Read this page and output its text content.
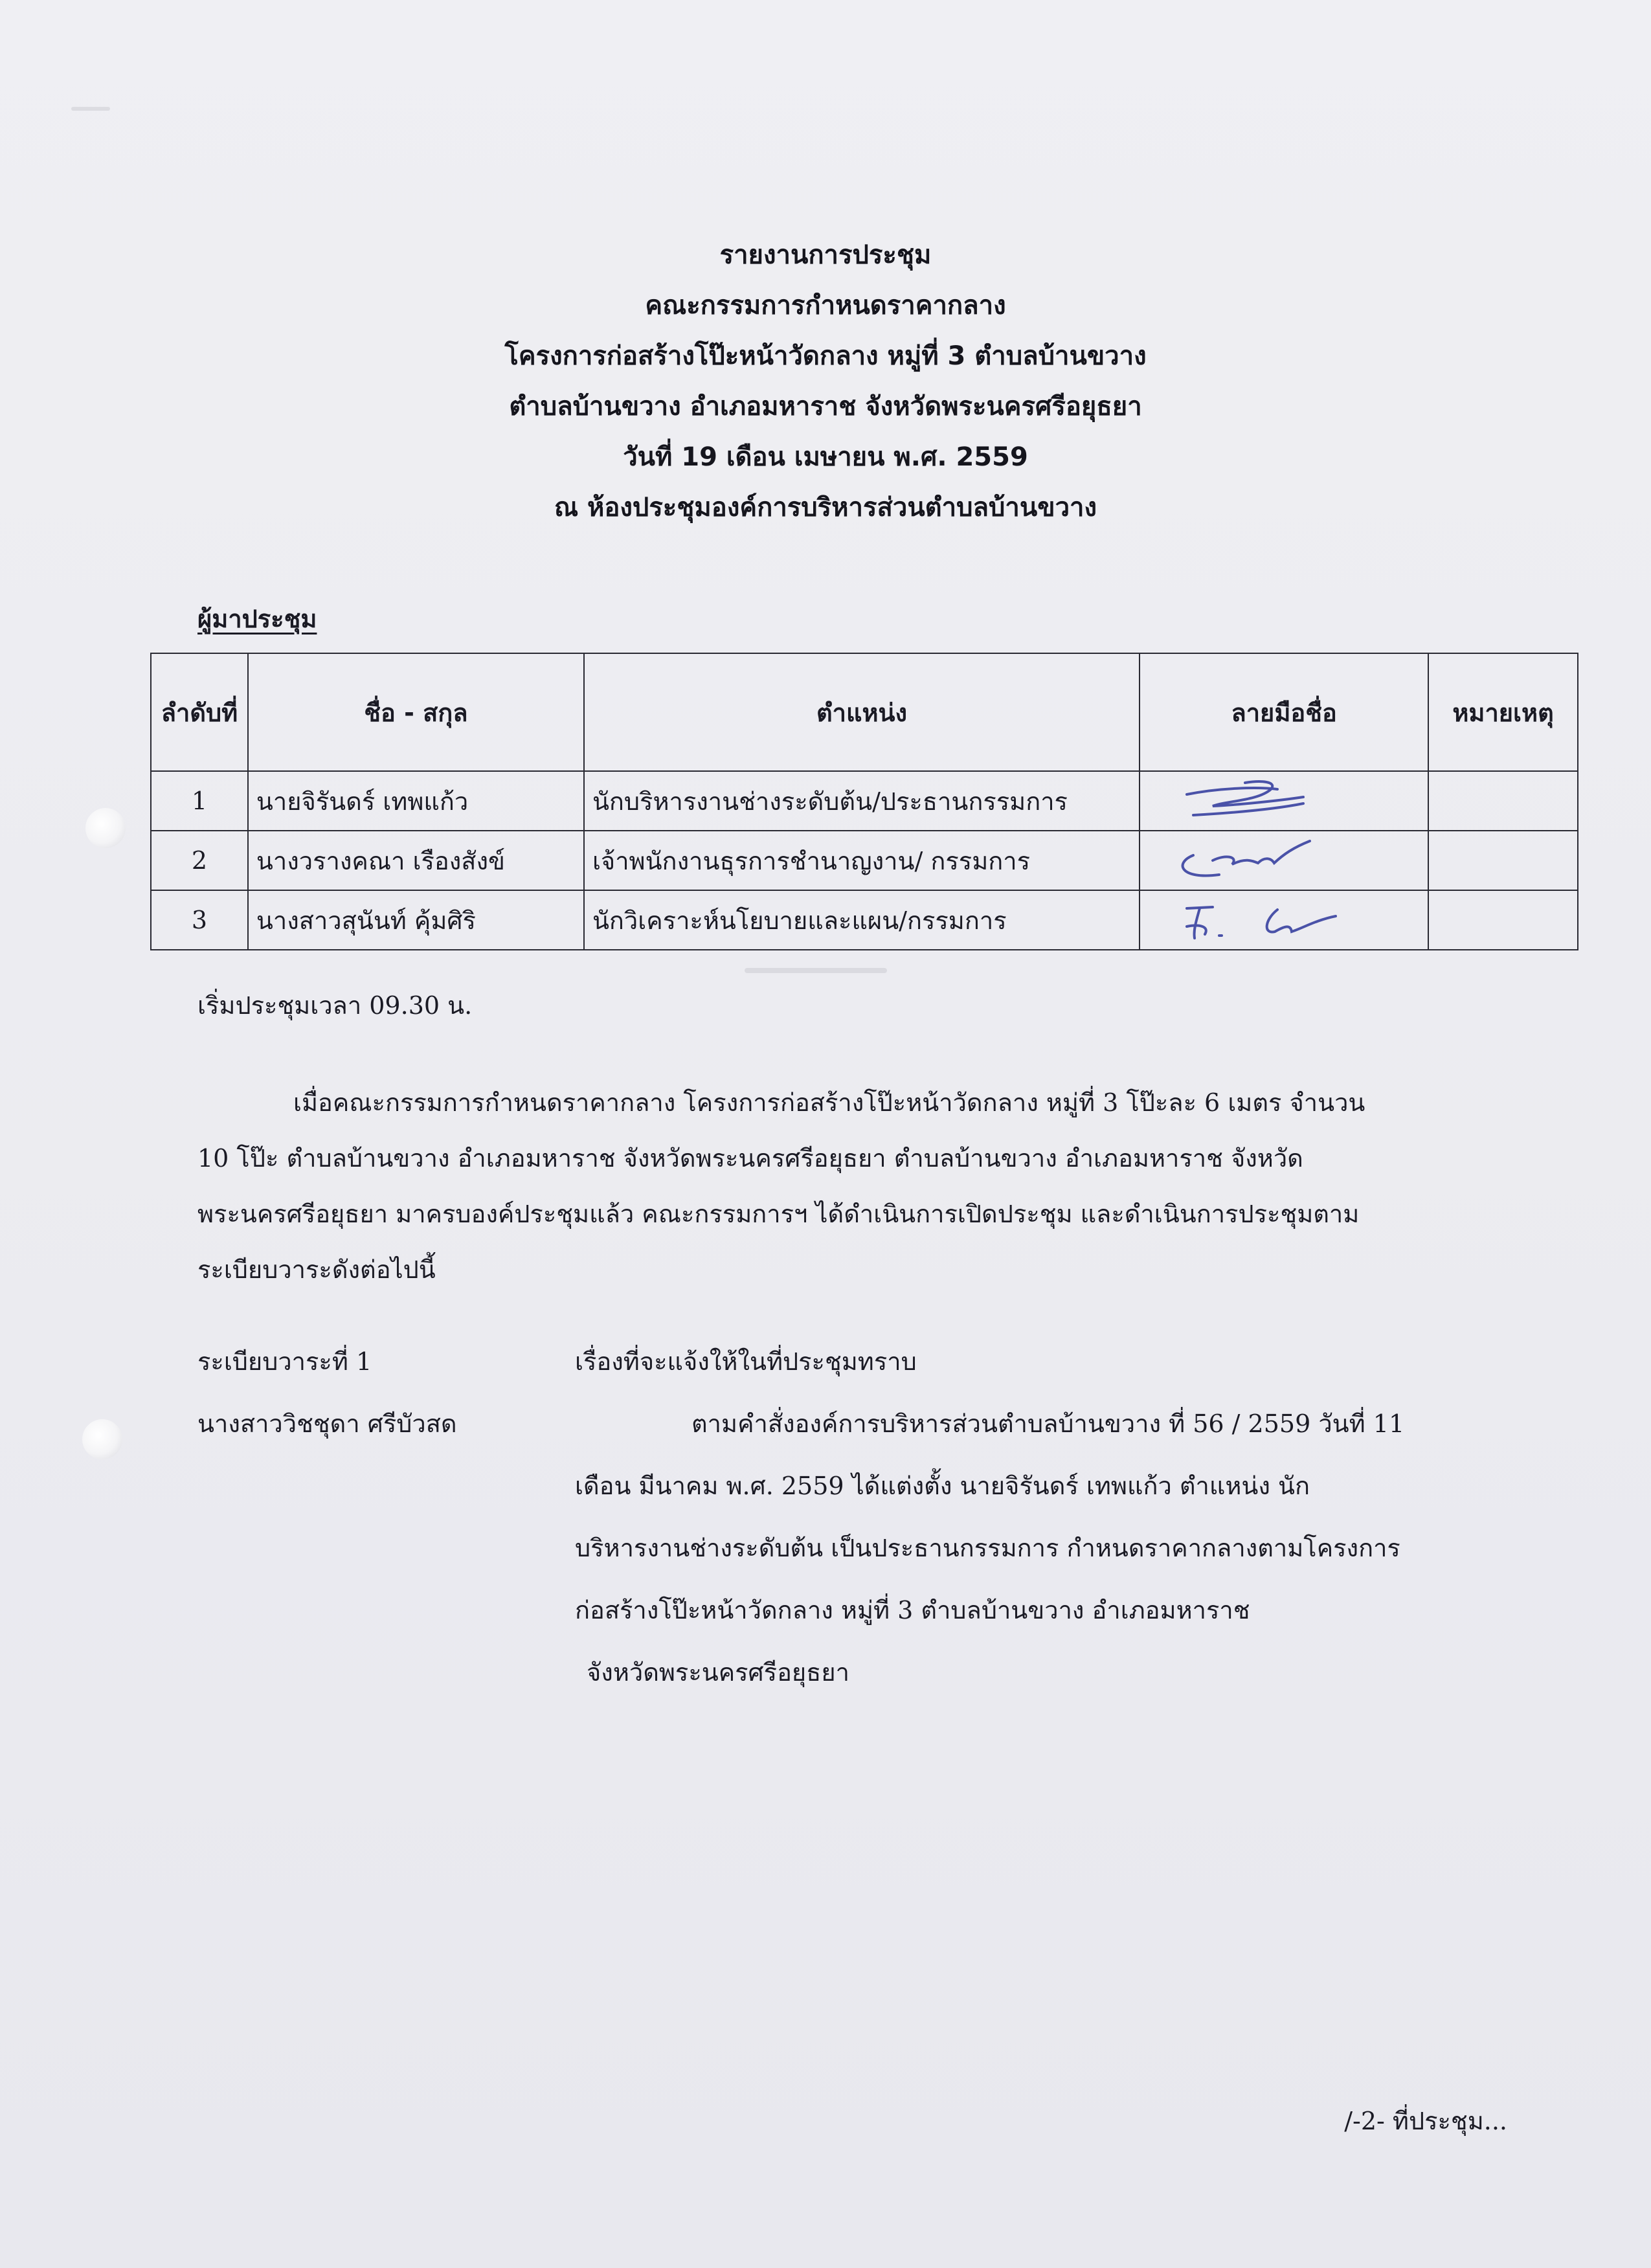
รายงานการประชุม
คณะกรรมการกำหนดราคากลาง
โครงการก่อสร้างโป๊ะหน้าวัดกลาง หมู่ที่ 3 ตำบลบ้านขวาง
ตำบลบ้านขวาง อำเภอมหาราช จังหวัดพระนครศรีอยุธยา
วันที่ 19 เดือน เมษายน พ.ศ. 2559
ณ ห้องประชุมองค์การบริหารส่วนตำบลบ้านขวาง
ผู้มาประชุม
ลำดับที่	ชื่อ - สกุล	ตำแหน่ง	ลายมือชื่อ	หมายเหตุ
1	นายจิรันดร์ เทพแก้ว	นักบริหารงานช่างระดับต้น/ประธานกรรมการ	

2	นางวรางคณา เรืองสังข์	เจ้าพนักงานธุรการชำนาญงาน/ กรรมการ	

3	นางสาวสุนันท์ คุ้มศิริ	นักวิเคราะห์นโยบายและแผน/กรรมการ	

เริ่มประชุมเวลา 09.30 น.
เมื่อคณะกรรมการกำหนดราคากลาง โครงการก่อสร้างโป๊ะหน้าวัดกลาง หมู่ที่ 3 โป๊ะละ 6 เมตร จำนวน
10 โป๊ะ ตำบลบ้านขวาง อำเภอมหาราช จังหวัดพระนครศรีอยุธยา ตำบลบ้านขวาง อำเภอมหาราช จังหวัด
พระนครศรีอยุธยา มาครบองค์ประชุมแล้ว คณะกรรมการฯ ได้ดำเนินการเปิดประชุม และดำเนินการประชุมตาม
ระเบียบวาระดังต่อไปนี้
ระเบียบวาระที่ 1
นางสาววิชชุดา ศรีบัวสด
เรื่องที่จะแจ้งให้ในที่ประชุมทราบ
ตามคำสั่งองค์การบริหารส่วนตำบลบ้านขวาง ที่ 56 / 2559 วันที่ 11
เดือน มีนาคม พ.ศ. 2559 ได้แต่งตั้ง นายจิรันดร์ เทพแก้ว ตำแหน่ง นัก
บริหารงานช่างระดับต้น เป็นประธานกรรมการ กำหนดราคากลางตามโครงการ
ก่อสร้างโป๊ะหน้าวัดกลาง หมู่ที่ 3 ตำบลบ้านขวาง อำเภอมหาราช
จังหวัดพระนครศรีอยุธยา
/-2- ที่ประชุม...
